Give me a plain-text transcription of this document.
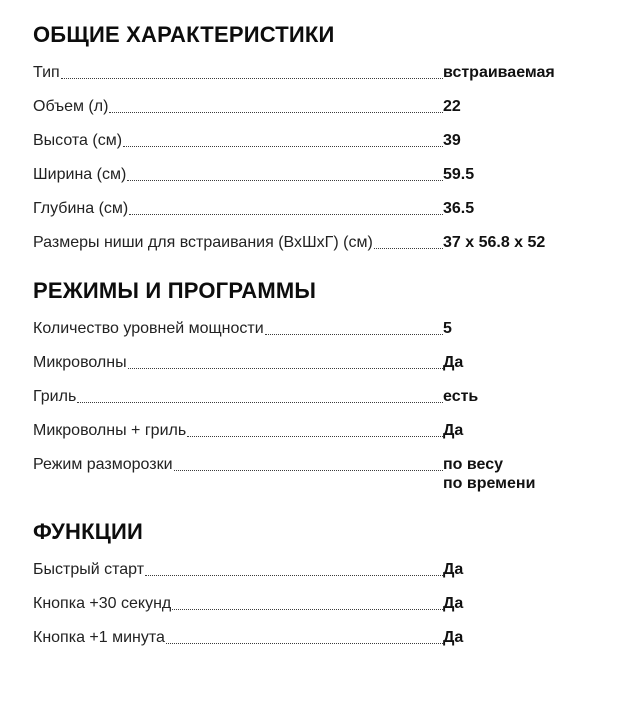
ОБЩИЕ ХАРАКТЕРИСТИКИ
Тип	встраиваемая
Объем (л)	22
Высота (см)	39
Ширина (см)	59.5
Глубина (см)	36.5
Размеры ниши для встраивания (ВхШхГ) (см)	37 x 56.8 x 52
РЕЖИМЫ И ПРОГРАММЫ
Количество уровней мощности	5
Микроволны	Да
Гриль	есть
Микроволны + гриль	Да
Режим разморозки	по весу
по времени
ФУНКЦИИ
Быстрый старт	Да
Кнопка +30 секунд	Да
Кнопка +1 минута	Да
